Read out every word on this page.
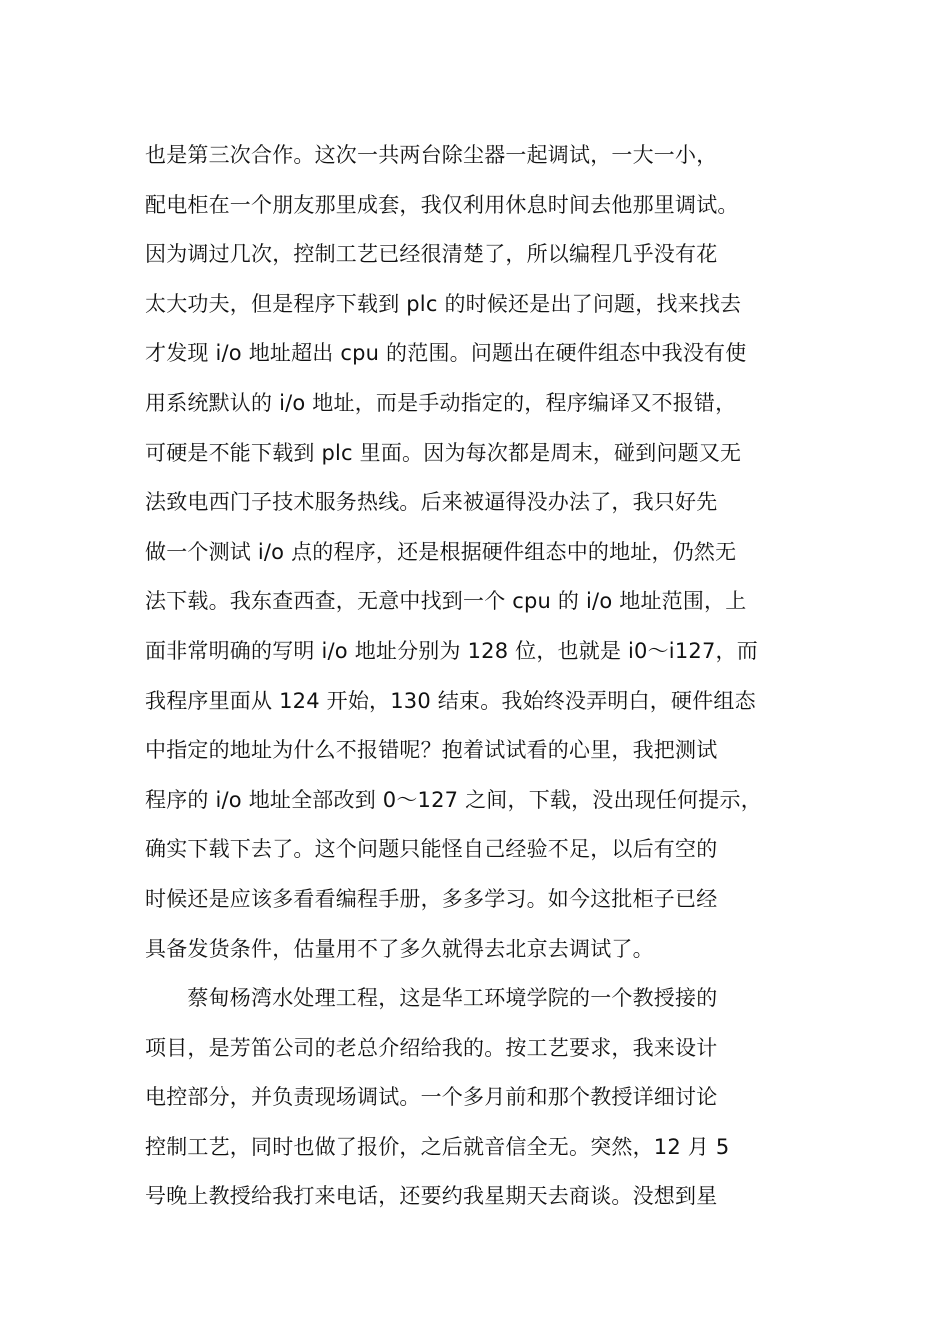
也是第三次合作。这次一共两台除尘器一起调试，一大一小，
配电柜在一个朋友那里成套，我仅利用休息时间去他那里调试。
因为调过几次，控制工艺已经很清楚了，所以编程几乎没有花
太大功夫，但是程序下载到 plc 的时候还是出了问题，找来找去
才发现 i/o 地址超出 cpu 的范围。问题出在硬件组态中我没有使
用系统默认的 i/o 地址，而是手动指定的，程序编译又不报错，
可硬是不能下载到 plc 里面。因为每次都是周末，碰到问题又无
法致电西门子技术服务热线。后来被逼得没办法了，我只好先
做一个测试 i/o 点的程序，还是根据硬件组态中的地址，仍然无
法下载。我东查西查，无意中找到一个 cpu 的 i/o 地址范围，上
面非常明确的写明 i/o 地址分别为 128 位，也就是 i0～i127，而
我程序里面从 124 开始，130 结束。我始终没弄明白，硬件组态
中指定的地址为什么不报错呢？抱着试试看的心里，我把测试
程序的 i/o 地址全部改到 0～127 之间，下载，没出现任何提示，
确实下载下去了。这个问题只能怪自己经验不足，以后有空的
时候还是应该多看看编程手册，多多学习。如今这批柜子已经
具备发货条件，估量用不了多久就得去北京去调试了。
　　蔡甸杨湾水处理工程，这是华工环境学院的一个教授接的
项目，是芳笛公司的老总介绍给我的。按工艺要求，我来设计
电控部分，并负责现场调试。一个多月前和那个教授详细讨论
控制工艺，同时也做了报价，之后就音信全无。突然，12 月 5
号晚上教授给我打来电话，还要约我星期天去商谈。没想到星
